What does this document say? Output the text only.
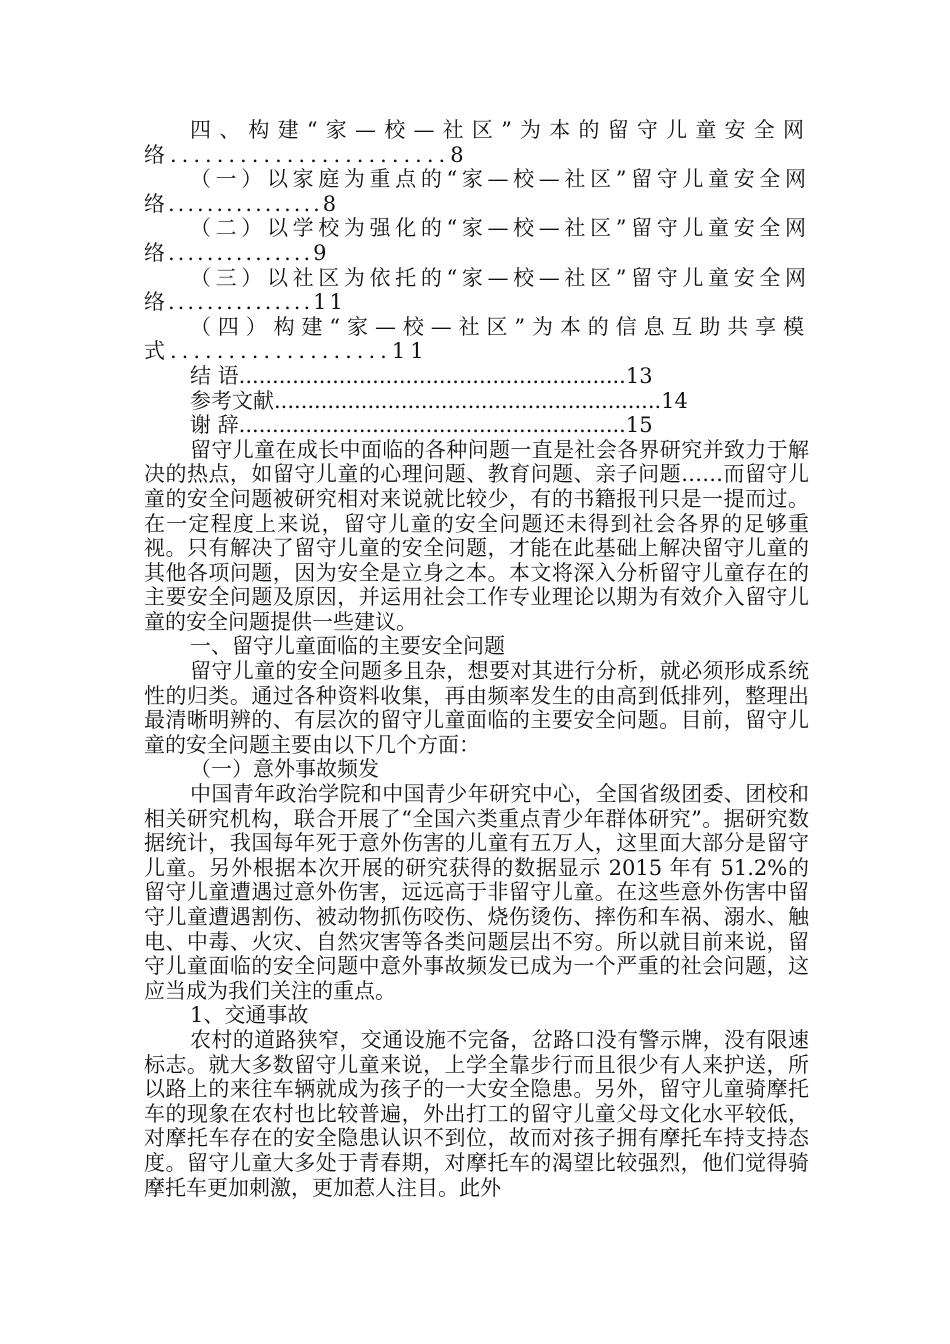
四、构建“家—校—社区”为本的留守儿童安全网络........................8

（一）以家庭为重点的“家—校—社区”留守儿童安全网络................8

（二）以学校为强化的“家—校—社区”留守儿童安全网络...............9

（三）以社区为依托的“家—校—社区”留守儿童安全网络...............11

（四）构建“家—校—社区”为本的信息互助共享模式...................11

结 语..........................................................13

参考文献..........................................................14

谢 辞..........................................................15

留守儿童在成长中面临的各种问题一直是社会各界研究并致力于解决的热点，如留守儿童的心理问题、教育问题、亲子问题……而留守儿童的安全问题被研究相对来说就比较少，有的书籍报刊只是一提而过。在一定程度上来说，留守儿童的安全问题还未得到社会各界的足够重视。只有解决了留守儿童的安全问题，才能在此基础上解决留守儿童的其他各项问题，因为安全是立身之本。本文将深入分析留守儿童存在的主要安全问题及原因，并运用社会工作专业理论以期为有效介入留守儿童的安全问题提供一些建议。

一、留守儿童面临的主要安全问题

留守儿童的安全问题多且杂，想要对其进行分析，就必须形成系统性的归类。通过各种资料收集，再由频率发生的由高到低排列，整理出最清晰明辨的、有层次的留守儿童面临的主要安全问题。目前，留守儿童的安全问题主要由以下几个方面：

（一）意外事故频发

中国青年政治学院和中国青少年研究中心，全国省级团委、团校和相关研究机构，联合开展了“全国六类重点青少年群体研究”。据研究数据统计，我国每年死于意外伤害的儿童有五万人，这里面大部分是留守儿童。另外根据本次开展的研究获得的数据显示 2015 年有 51.2%的留守儿童遭遇过意外伤害，远远高于非留守儿童。在这些意外伤害中留守儿童遭遇割伤、被动物抓伤咬伤、烧伤烫伤、摔伤和车祸、溺水、触电、中毒、火灾、自然灾害等各类问题层出不穷。所以就目前来说，留守儿童面临的安全问题中意外事故频发已成为一个严重的社会问题，这应当成为我们关注的重点。

1、交通事故

农村的道路狭窄，交通设施不完备，岔路口没有警示牌，没有限速标志。就大多数留守儿童来说，上学全靠步行而且很少有人来护送，所以路上的来往车辆就成为孩子的一大安全隐患。另外，留守儿童骑摩托车的现象在农村也比较普遍，外出打工的留守儿童父母文化水平较低，对摩托车存在的安全隐患认识不到位，故而对孩子拥有摩托车持支持态度。留守儿童大多处于青春期，对摩托车的渴望比较强烈，他们觉得骑摩托车更加刺激，更加惹人注目。此外
